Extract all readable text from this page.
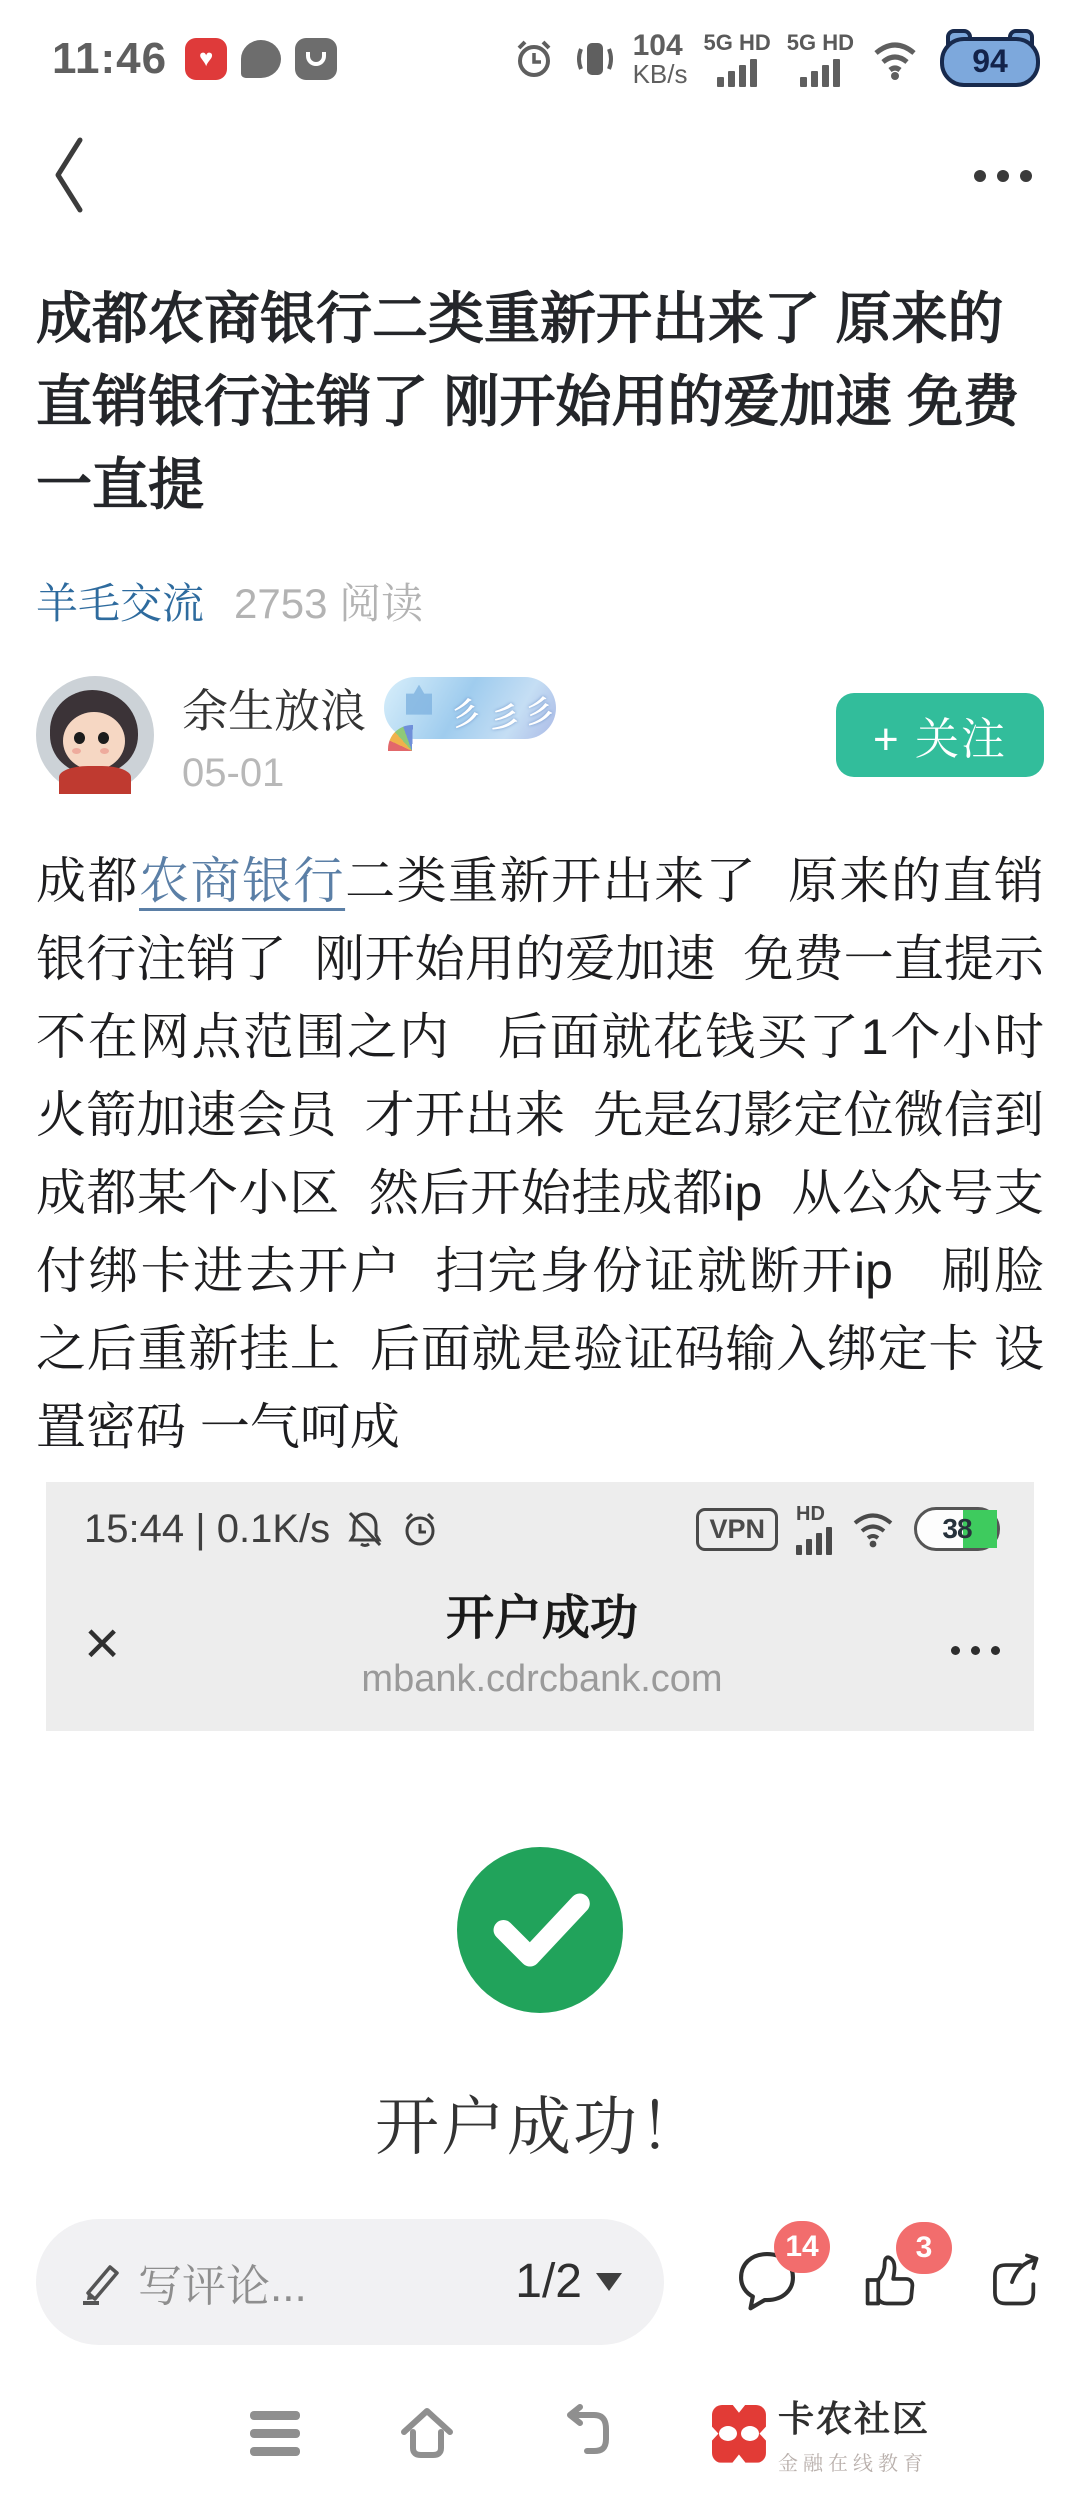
11:46	♥	104
KB/s
5G HD 5G HD
94
成都农商银行二类重新开出来了 原来的直销银行注销了 刚开始用的爱加速 免费一直提
羊毛交流 2753 阅读
余生放浪	彡 彡 彡
05-01
+ 关注

成都农商银行二类重新开出来了  原来的直销银行注销了  刚开始用的爱加速  免费一直提示不在网点范围之内   后面就花钱买了1个小时火箭加速会员  才开出来  先是幻影定位微信到成都某个小区  然后开始挂成都ip  从公众号支付绑卡进去开户  扫完身份证就断开ip   刷脸之后重新挂上  后面就是验证码输入绑定卡 设置密码 一气呵成

15:44 | 0.1K/s	VPN	HD	38
×	开户成功
mbank.cdrcbank.com
开户成功！
写评论...	1/2
14	3
卡农社区
金融在线教育
